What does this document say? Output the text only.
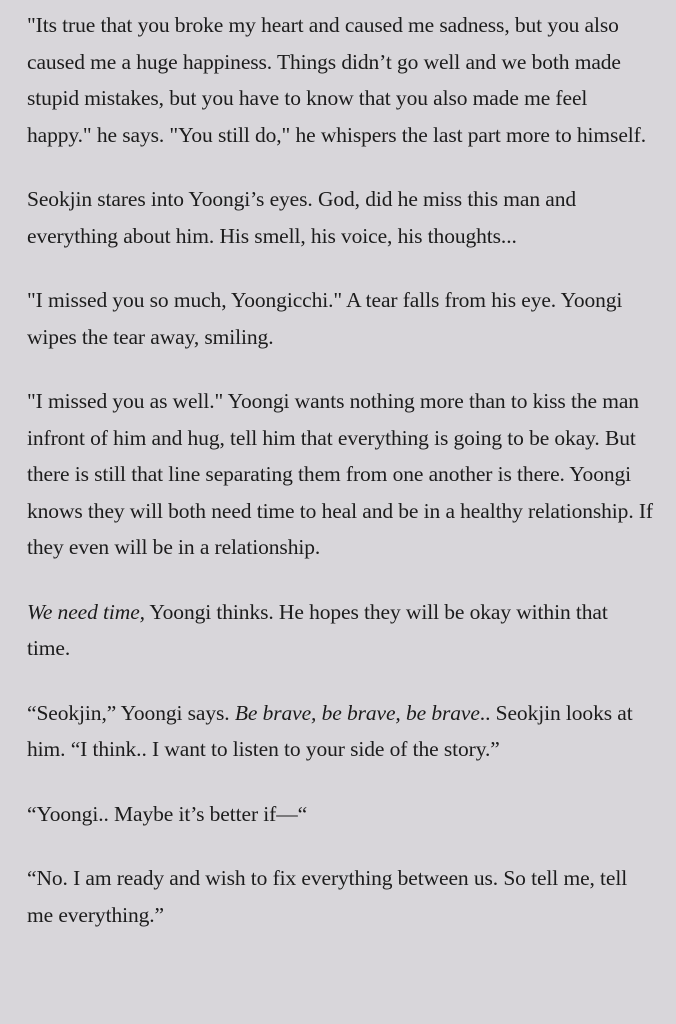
"Its true that you broke my heart and caused me sadness, but you also caused me a huge happiness. Things didn’t go well and we both made stupid mistakes, but you have to know that you also made me feel happy." he says. "You still do," he whispers the last part more to himself.

Seokjin stares into Yoongi’s eyes. God, did he miss this man and everything about him. His smell, his voice, his thoughts...

"I missed you so much, Yoongicchi." A tear falls from his eye. Yoongi wipes the tear away, smiling.

"I missed you as well." Yoongi wants nothing more than to kiss the man infront of him and hug, tell him that everything is going to be okay. But there is still that line separating them from one another is there. Yoongi knows they will both need time to heal and be in a healthy relationship. If they even will be in a relationship.

We need time, Yoongi thinks. He hopes they will be okay within that time.

“Seokjin,” Yoongi says. Be brave, be brave, be brave.. Seokjin looks at him. “I think.. I want to listen to your side of the story.”

“Yoongi.. Maybe it’s better if—“

“No. I am ready and wish to fix everything between us. So tell me, tell me everything.”
